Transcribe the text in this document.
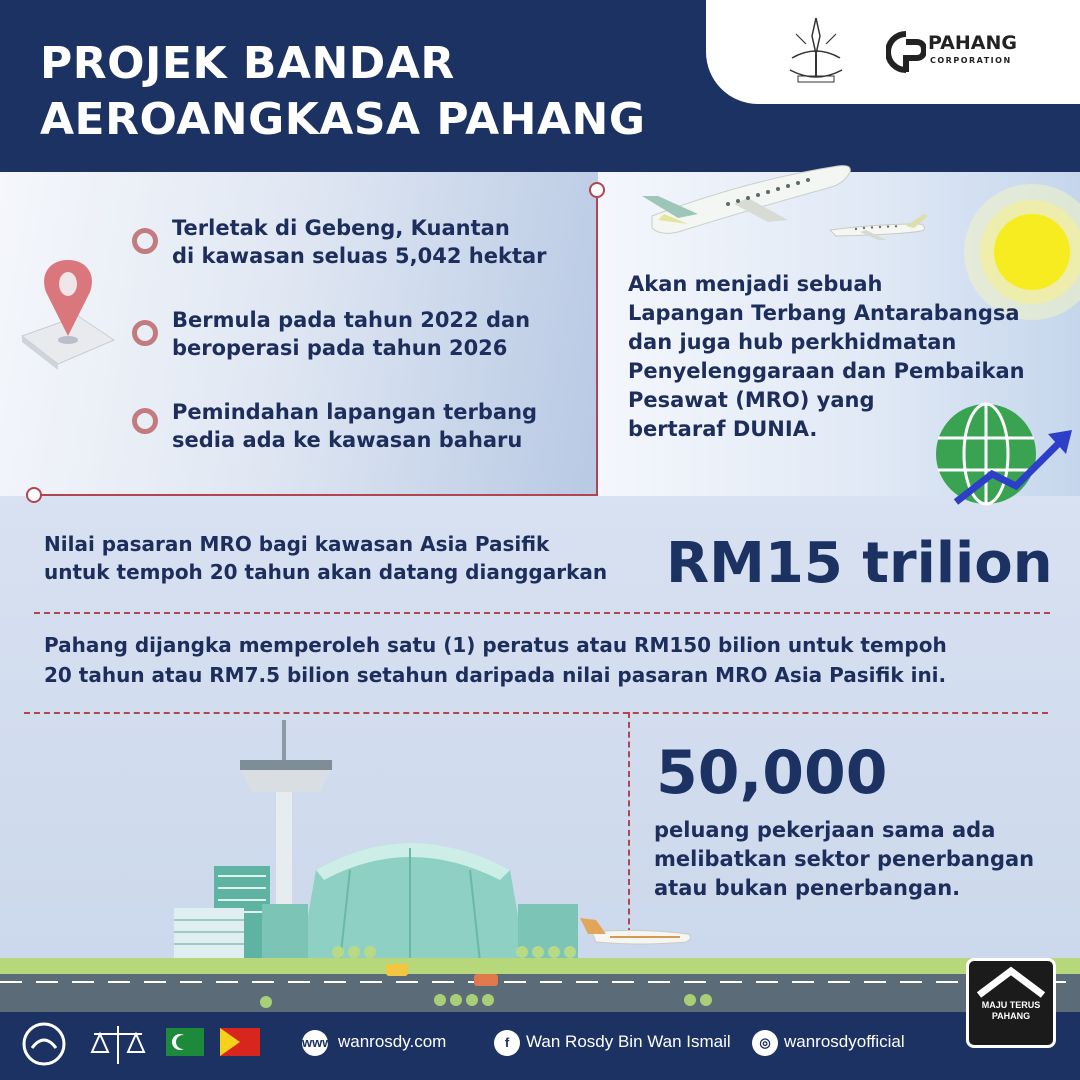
PROJEK BANDAR
AEROANGKASA PAHANG
PAHANG
CORPORATION
Terletak di Gebeng, Kuantan
di kawasan seluas 5,042 hektar
Bermula pada tahun 2022 dan
beroperasi pada tahun 2026
Pemindahan lapangan terbang
sedia ada ke kawasan baharu
Akan menjadi sebuah
Lapangan Terbang Antarabangsa
dan juga hub perkhidmatan
Penyelenggaraan dan Pembaikan
Pesawat (MRO) yang
bertaraf DUNIA.
Nilai pasaran MRO bagi kawasan Asia Pasifik
untuk tempoh 20 tahun akan datang dianggarkan RM15 trilion
Pahang dijangka memperoleh satu (1) peratus atau RM150 bilion untuk tempoh
20 tahun atau RM7.5 bilion setahun daripada nilai pasaran MRO Asia Pasifik ini.
50,000
peluang pekerjaan sama ada
melibatkan sektor penerbangan
atau bukan penerbangan.
www wanrosdy.com	f Wan Rosdy Bin Wan Ismail	◎ wanrosdyofficial
MAJU TERUS
PAHANG
